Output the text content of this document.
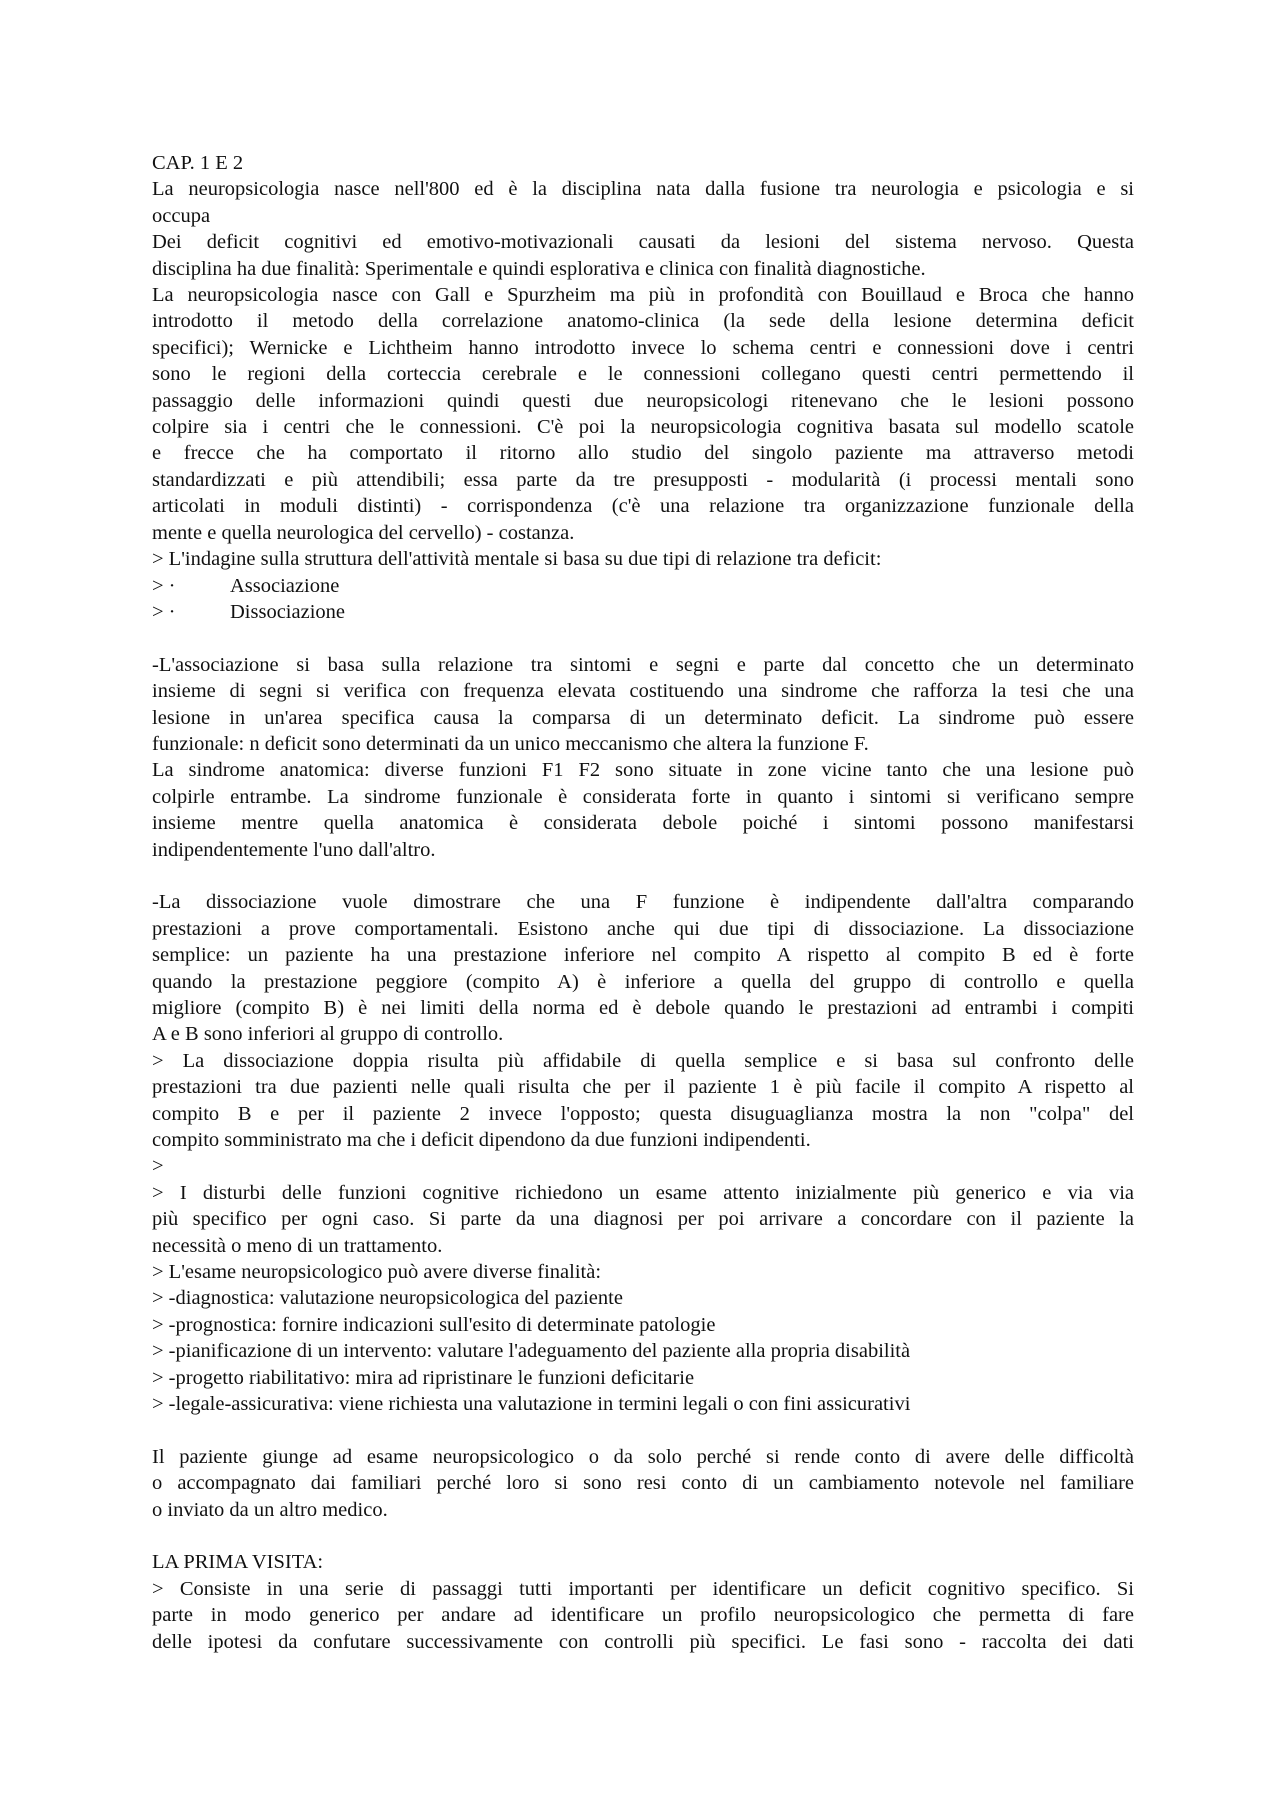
CAP. 1 E 2
La neuropsicologia nasce nell'800 ed è la disciplina nata dalla fusione tra neurologia e psicologia e si
occupa
Dei deficit cognitivi ed emotivo-motivazionali causati da lesioni del sistema nervoso. Questa
disciplina ha due finalità: Sperimentale e quindi esplorativa e clinica con finalità diagnostiche.
La neuropsicologia nasce con Gall e Spurzheim ma più in profondità con Bouillaud e Broca che hanno
introdotto il metodo della correlazione anatomo-clinica (la sede della lesione determina deficit
specifici); Wernicke e Lichtheim hanno introdotto invece lo schema centri e connessioni dove i centri
sono le regioni della corteccia cerebrale e le connessioni collegano questi centri permettendo il
passaggio delle informazioni quindi questi due neuropsicologi ritenevano che le lesioni possono
colpire sia i centri che le connessioni. C'è poi la neuropsicologia cognitiva basata sul modello scatole
e frecce che ha comportato il ritorno allo studio del singolo paziente ma attraverso metodi
standardizzati e più attendibili; essa parte da tre presupposti - modularità (i processi mentali sono
articolati in moduli distinti) - corrispondenza (c'è una relazione tra organizzazione funzionale della
mente e quella neurologica del cervello) - costanza.
> L'indagine sulla struttura dell'attività mentale si basa su due tipi di relazione tra deficit:
> ·	Associazione
> ·	Dissociazione
-L'associazione si basa sulla relazione tra sintomi e segni e parte dal concetto che un determinato
insieme di segni si verifica con frequenza elevata costituendo una sindrome che rafforza la tesi che una
lesione in un'area specifica causa la comparsa di un determinato deficit. La sindrome può essere
funzionale: n deficit sono determinati da un unico meccanismo che altera la funzione F.
La sindrome anatomica: diverse funzioni F1 F2 sono situate in zone vicine tanto che una lesione può
colpirle entrambe. La sindrome funzionale è considerata forte in quanto i sintomi si verificano sempre
insieme mentre quella anatomica è considerata debole poiché i sintomi possono manifestarsi
indipendentemente l'uno dall'altro.
-La dissociazione vuole dimostrare che una F funzione è indipendente dall'altra comparando
prestazioni a prove comportamentali. Esistono anche qui due tipi di dissociazione. La dissociazione
semplice: un paziente ha una prestazione inferiore nel compito A rispetto al compito B ed è forte
quando la prestazione peggiore (compito A) è inferiore a quella del gruppo di controllo e quella
migliore (compito B) è nei limiti della norma ed è debole quando le prestazioni ad entrambi i compiti
A e B sono inferiori al gruppo di controllo.
> La dissociazione doppia risulta più affidabile di quella semplice e si basa sul confronto delle
prestazioni tra due pazienti nelle quali risulta che per il paziente 1 è più facile il compito A rispetto al
compito B e per il paziente 2 invece l'opposto; questa disuguaglianza mostra la non "colpa" del
compito somministrato ma che i deficit dipendono da due funzioni indipendenti.
>
> I disturbi delle funzioni cognitive richiedono un esame attento inizialmente più generico e via via
più specifico per ogni caso. Si parte da una diagnosi per poi arrivare a concordare con il paziente la
necessità o meno di un trattamento.
> L'esame neuropsicologico può avere diverse finalità:
> -diagnostica: valutazione neuropsicologica del paziente
> -prognostica: fornire indicazioni sull'esito di determinate patologie
> -pianificazione di un intervento: valutare l'adeguamento del paziente alla propria disabilità
> -progetto riabilitativo: mira ad ripristinare le funzioni deficitarie
> -legale-assicurativa: viene richiesta una valutazione in termini legali o con fini assicurativi
Il paziente giunge ad esame neuropsicologico o da solo perché si rende conto di avere delle difficoltà
o accompagnato dai familiari perché loro si sono resi conto di un cambiamento notevole nel familiare
o inviato da un altro medico.
LA PRIMA VISITA:
> Consiste in una serie di passaggi tutti importanti per identificare un deficit cognitivo specifico. Si
parte in modo generico per andare ad identificare un profilo neuropsicologico che permetta di fare
delle ipotesi da confutare successivamente con controlli più specifici. Le fasi sono - raccolta dei dati
